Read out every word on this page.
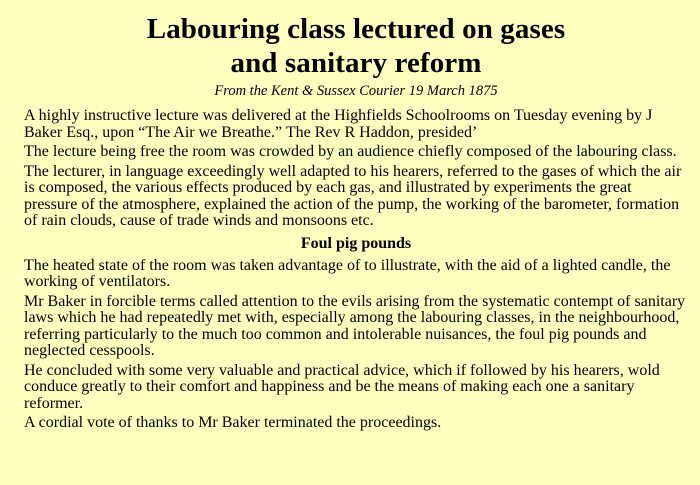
Labouring class lectured on gases
and sanitary reform
From the Kent & Sussex Courier 19 March 1875

A highly instructive lecture was delivered at the Highfields Schoolrooms on Tuesday evening by J Baker Esq., upon “The Air we Breathe.” The Rev R Haddon, presided’

The lecture being free the room was crowded by an audience chiefly composed of the labouring class.

The lecturer, in language exceedingly well adapted to his hearers, referred to the gases of which the air is composed, the various effects produced by each gas, and illustrated by experiments the great pressure of the atmosphere, explained the action of the pump, the working of the barometer, formation of rain clouds, cause of trade winds and monsoons etc.

Foul pig pounds

The heated state of the room was taken advantage of to illustrate, with the aid of a lighted candle, the working of ventilators.

Mr Baker in forcible terms called attention to the evils arising from the systematic contempt of sanitary laws which he had repeatedly met with, especially among the labouring classes, in the neighbourhood, referring particularly to the much too common and intolerable nuisances, the foul pig pounds and neglected cesspools.

He concluded with some very valuable and practical advice, which if followed by his hearers, wold conduce greatly to their comfort and happiness and be the means of making each one a sanitary reformer.

A cordial vote of thanks to Mr Baker terminated the proceedings.
